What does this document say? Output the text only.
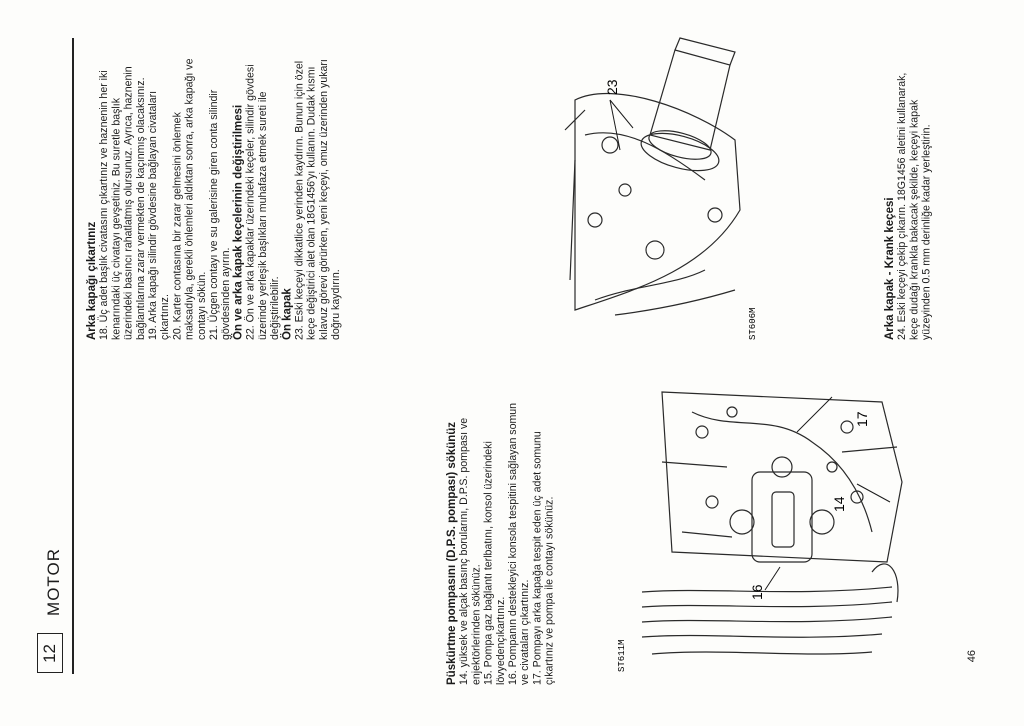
12
MOTOR
46

Arka kapağı çıkartınız 18. Üç adet başlık civatasını çıkartınız ve haznenin her iki kenarındaki üç civatayı gevşetiniz. Bu suretle başlık üzerindeki basıncı rahatlatmış olursunuz. Ayrıca, haznenin bağlantılarına zarar vermekten de kaçınmış olacaksınız. 19. Arka kapağı silindir gövdesine bağlayan civataları çıkartınız. 20. Karter contasına bir zarar gelmesini önlemek maksadıyla, gerekli önlemleri aldıktan sonra, arka kapağı ve contayı sökün. 21. Üçgen contayı ve su galerisine giren conta silindir gövdesinden ayırın. Ön ve arka kapak keçelerinin değiştirilmesi 22. Ön ve arka kapaklar üzerindeki keçeler, silindir gövdesi üzerinde yerleşik başlıkları muhafaza etmek sureti ile değiştirilebilir. Ön kapak 23. Eski keçeyi dikkatlice yerinden kaydırın. Bunun için özel keçe değiştirici alet olan 18G1456'yı kullanın. Dudak kısmı kılavuz görevi görürken, yeni keçeyi, omuz üzerinden yukarı doğru kaydırın.

Püskürtme pompasını (D.P.S. pompası) sökünüz 14. yüksek ve alçak basınç borularını, D.P.S. pompası ve enjektörlerinden sökünüz. 15. Pompa gaz bağlantı terlbatını, konsol üzerindeki lövyedençıkartınız. 16. Pompanın destekleyici konsola tespitini sağlayan somun ve civataları çıkartınız. 17. Pompayı arka kapağa tespit eden üç adet somunu çıkartınız ve pompa ile contayı sökünüz.

Arka kapak - Krank keçesi 24. Eski keçeyi çekip çıkarın. 18G1456 aletini kullanarak, keçe dudağı krankla bakacak şekilde, keçeyi kapak yüzeyinden 0.5 mm derinliğe kadar yerleştirin.

16
14
17
ST611M
23
ST606M
